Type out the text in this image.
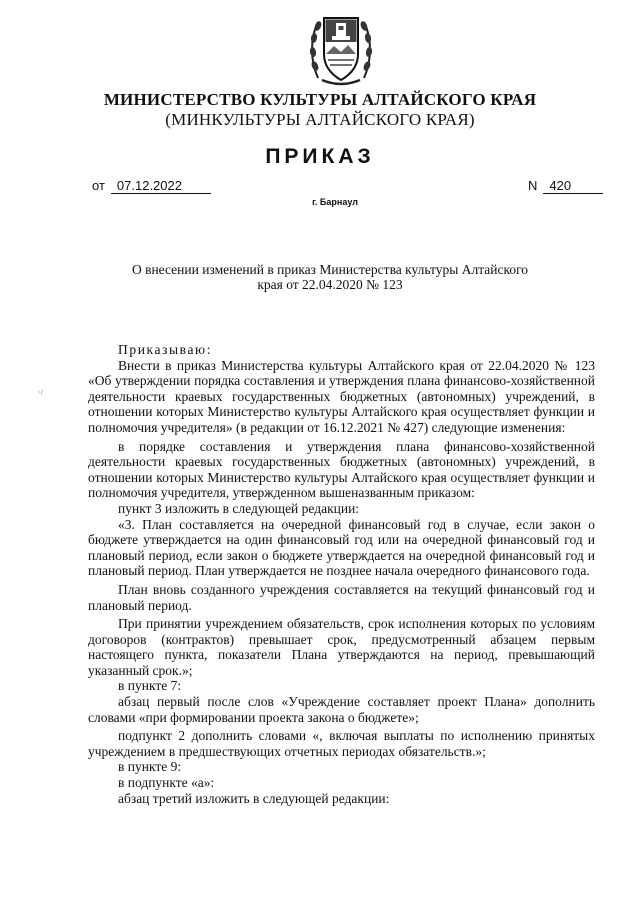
МИНИСТЕРСТВО КУЛЬТУРЫ АЛТАЙСКОГО КРАЯ
(МИНКУЛЬТУРЫ АЛТАЙСКОГО КРАЯ)
ПРИКАЗ
от 07.12.2022	N 420
г. Барнаул
О внесении изменений в приказ Министерства культуры Алтайского
края от 22.04.2020 № 123
·/

Приказываю:

Внести в приказ Министерства культуры Алтайского края от 22.04.2020 № 123 «Об утверждении порядка составления и утверждения плана финансово-хозяйственной деятельности краевых государственных бюджетных (автономных) учреждений, в отношении которых Министерство культуры Алтайского края осуществляет функции и полномочия учредителя» (в редакции от 16.12.2021 № 427) следующие изменения:

в порядке составления и утверждения плана финансово-хозяйственной деятельности краевых государственных бюджетных (автономных) учреждений, в отношении которых Министерство культуры Алтайского края осуществляет функции и полномочия учредителя, утвержденном вышеназванным приказом:

пункт 3 изложить в следующей редакции:

«3. План составляется на очередной финансовый год в случае, если закон о бюджете утверждается на один финансовый год или на очередной финансовый год и плановый период, если закон о бюджете утверждается на очередной финансовый год и плановый период. План утверждается не позднее начала очередного финансового года.

План вновь созданного учреждения составляется на текущий финансовый год и плановый период.

При принятии учреждением обязательств, срок исполнения которых по условиям договоров (контрактов) превышает срок, предусмотренный абзацем первым настоящего пункта, показатели Плана утверждаются на период, превышающий указанный срок.»;

в пункте 7:

абзац первый после слов «Учреждение составляет проект Плана» дополнить словами «при формировании проекта закона о бюджете»;

подпункт 2 дополнить словами «, включая выплаты по исполнению принятых учреждением в предшествующих отчетных периодах обязательств.»;

в пункте 9:

в подпункте «а»:

абзац третий изложить в следующей редакции:
